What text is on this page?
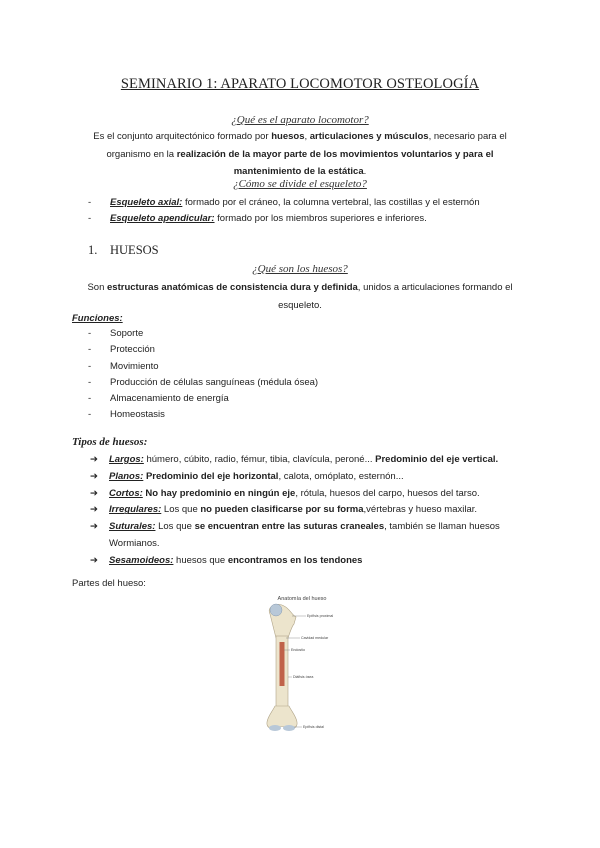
SEMINARIO 1: APARATO LOCOMOTOR OSTEOLOGÍA
¿Qué es el aparato locomotor?
Es el conjunto arquitectónico formado por huesos, articulaciones y músculos, necesario para el organismo en la realización de la mayor parte de los movimientos voluntarios y para el mantenimiento de la estática.
¿Cómo se divide el esqueleto?
- Esqueleto axial: formado por el cráneo, la columna vertebral, las costillas y el esternón
- Esqueleto apendicular: formado por los miembros superiores e inferiores.
1. HUESOS
¿Qué son los huesos?
Son estructuras anatómicas de consistencia dura y definida, unidos a articulaciones formando el esqueleto.
Funciones:
- Soporte
- Protección
- Movimiento
- Producción de células sanguíneas (médula ósea)
- Almacenamiento de energía
- Homeostasis
Tipos de huesos:
➔ Largos: húmero, cúbito, radio, fémur, tibia, clavícula, peroné... Predominio del eje vertical.
➔ Planos: Predominio del eje horizontal, calota, omóplato, esternón...
➔ Cortos: No hay predominio en ningún eje, rótula, huesos del carpo, huesos del tarso.
➔ Irregulares: Los que no pueden clasificarse por su forma,vértebras y hueso maxilar.
➔ Suturales: Los que se encuentran entre las suturas craneales, también se llaman huesos Wormianos.
➔ Sesamoideos: huesos que encontramos en los tendones
Partes del hueso:
Anatomía del hueso
Epífisis proximal
Cavidad medular
Endostio
Diáfisis ósea
Epífisis distal
